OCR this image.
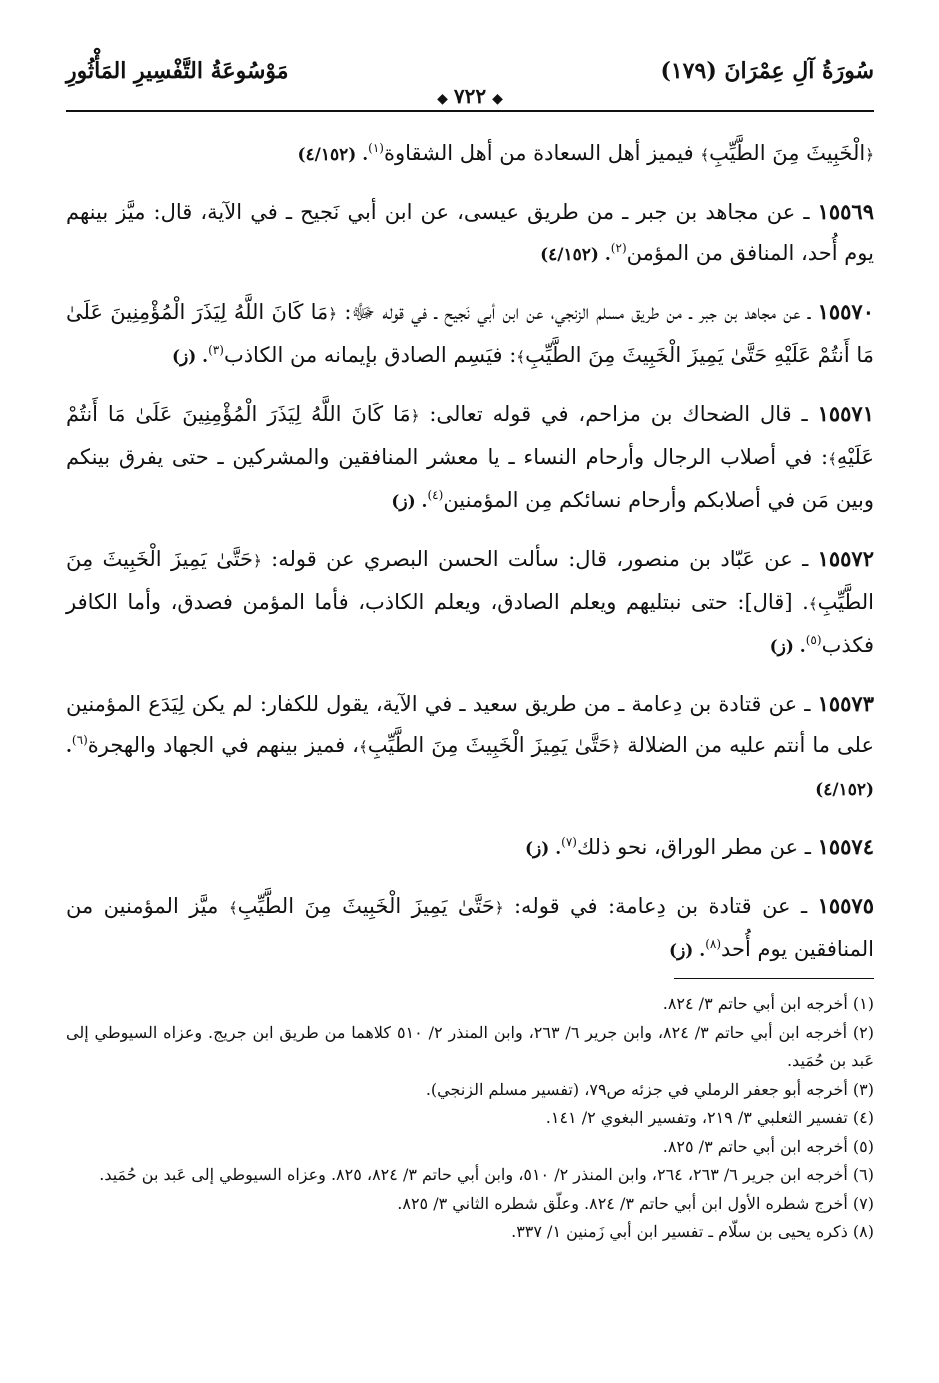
سُورَةُ آلِ عِمْرَانَ (١٧٩)
مَوْسُوعَةُ التَّفْسِيرِ المَأْثُورِ
◆٧٢٢◆

﴿الْخَبِيثَ مِنَ الطَّيِّبِ﴾ فيميز أهل السعادة من أهل الشقاوة$^{(١)}$. (٤/١٥٢)

١٥٥٦٩ ـ عن مجاهد بن جبر ـ من طريق عيسى، عن ابن أبي نَجيح ـ في الآية، قال: ميَّز بينهم يوم أُحد، المنافق من المؤمن$^{(٢)}$. (٤/١٥٢)

١٥٥٧٠ ـ عن مجاهد بن جبر ـ من طريق مسلم الزنجي، عن ابن أبي نَجيح ـ في قوله ﷻ: ﴿مَا كَانَ اللَّهُ لِيَذَرَ الْمُؤْمِنِينَ عَلَىٰ مَا أَنتُمْ عَلَيْهِ حَتَّىٰ يَمِيزَ الْخَبِيثَ مِنَ الطَّيِّبِ﴾: فيَسِم الصادق بإيمانه من الكاذب$^{(٣)}$. (ز)

١٥٥٧١ ـ قال الضحاك بن مزاحم، في قوله تعالى: ﴿مَا كَانَ اللَّهُ لِيَذَرَ الْمُؤْمِنِينَ عَلَىٰ مَا أَنتُمْ عَلَيْهِ﴾: في أصلاب الرجال وأرحام النساء ـ يا معشر المنافقين والمشركين ـ حتى يفرق بينكم وبين مَن في أصلابكم وأرحام نسائكم مِن المؤمنين$^{(٤)}$. (ز)

١٥٥٧٢ ـ عن عَبّاد بن منصور، قال: سألت الحسن البصري عن قوله: ﴿حَتَّىٰ يَمِيزَ الْخَبِيثَ مِنَ الطَّيِّبِ﴾. [قال]: حتى نبتليهم ويعلم الصادق، ويعلم الكاذب، فأما المؤمن فصدق، وأما الكافر فكذب$^{(٥)}$. (ز)

١٥٥٧٣ ـ عن قتادة بن دِعامة ـ من طريق سعيد ـ في الآية، يقول للكفار: لم يكن لِيَدَع المؤمنين على ما أنتم عليه من الضلالة ﴿حَتَّىٰ يَمِيزَ الْخَبِيثَ مِنَ الطَّيِّبِ﴾، فميز بينهم في الجهاد والهجرة$^{(٦)}$. (٤/١٥٢)

١٥٥٧٤ ـ عن مطر الوراق، نحو ذلك$^{(٧)}$. (ز)

١٥٥٧٥ ـ عن قتادة بن دِعامة: في قوله: ﴿حَتَّىٰ يَمِيزَ الْخَبِيثَ مِنَ الطَّيِّبِ﴾ ميَّز المؤمنين من المنافقين يوم أُحد$^{(٨)}$. (ز)

(١) أخرجه ابن أبي حاتم ٣/ ٨٢٤.

(٢) أخرجه ابن أبي حاتم ٣/ ٨٢٤، وابن جرير ٦/ ٢٦٣، وابن المنذر ٢/ ٥١٠ كلاهما من طريق ابن جريج. وعزاه السيوطي إلى عَبد بن حُمَيد.

(٣) أخرجه أبو جعفر الرملي في جزئه ص٧٩، (تفسير مسلم الزنجي).

(٤) تفسير الثعلبي ٣/ ٢١٩، وتفسير البغوي ٢/ ١٤١.

(٥) أخرجه ابن أبي حاتم ٣/ ٨٢٥.

(٦) أخرجه ابن جرير ٦/ ٢٦٣، ٢٦٤، وابن المنذر ٢/ ٥١٠، وابن أبي حاتم ٣/ ٨٢٤، ٨٢٥. وعزاه السيوطي إلى عَبد بن حُمَيد.

(٧) أخرج شطره الأول ابن أبي حاتم ٣/ ٨٢٤. وعلّق شطره الثاني ٣/ ٨٢٥.

(٨) ذكره يحيى بن سلّام ـ تفسير ابن أبي زَمنين ١/ ٣٣٧.
